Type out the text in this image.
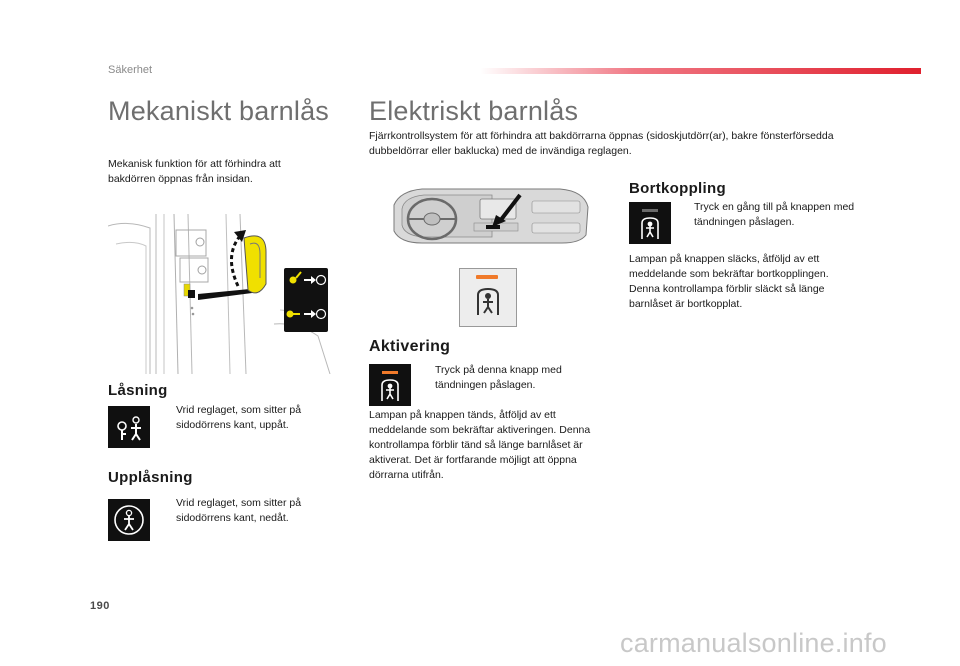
Säkerhet
Mekaniskt barnlås
Mekanisk funktion för att förhindra att bakdörren öppnas från insidan.
Låsning
Vrid reglaget, som sitter på sidodörrens kant, uppåt.
Upplåsning
Vrid reglaget, som sitter på sidodörrens kant, nedåt.
Elektriskt barnlås
Fjärrkontrollsystem för att förhindra att bakdörrarna öppnas (sidoskjutdörr(ar), bakre fönsterförsedda dubbeldörrar eller baklucka) med de invändiga reglagen.
Aktivering
Tryck på denna knapp med tändningen påslagen.
Lampan på knappen tänds, åtföljd av ett meddelande som bekräftar aktiveringen. Denna kontrollampa förblir tänd så länge barnlåset är aktiverat. Det är fortfarande möjligt att öppna dörrarna utifrån.
Bortkoppling
Tryck en gång till på knappen med tändningen påslagen.
Lampan på knappen släcks, åtföljd av ett meddelande som bekräftar bortkopplingen. Denna kontrollampa förblir släckt så länge barnlåset är bortkopplat.
190
carmanualsonline.info
